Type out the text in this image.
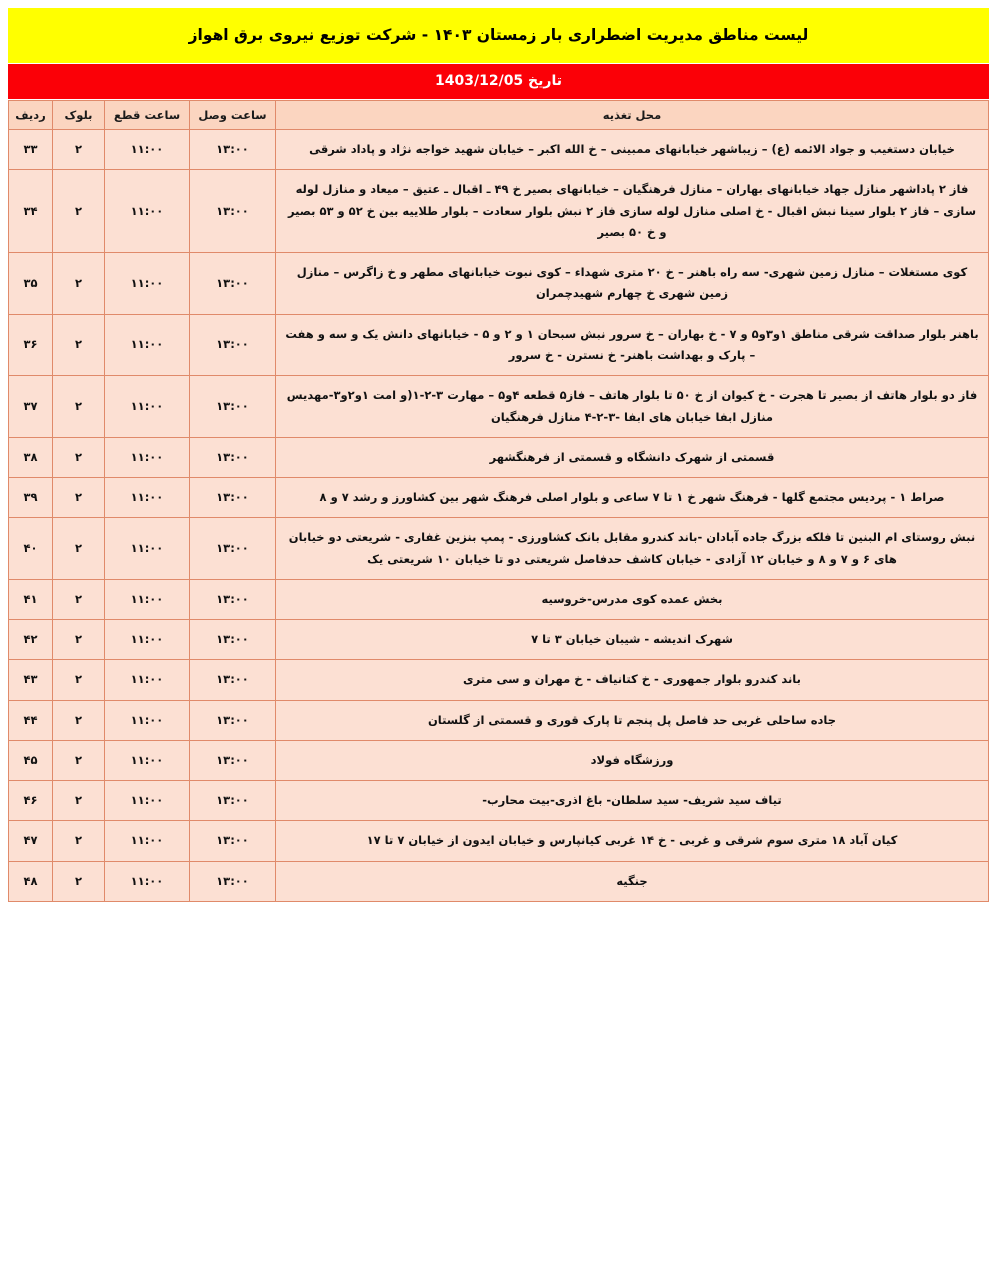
لیست مناطق مدیریت اضطراری بار زمستان ۱۴۰۳ - شرکت توزیع نیروی برق اهواز
تاریخ 1403/12/05
محل تغذیه	ساعت وصل	ساعت قطع	بلوک	ردیف
خیابان دستغیب و جواد الائمه (ع) – زیباشهر خیابانهای ممبینی – خ الله اکبر – خیابان شهید خواجه نژاد و پاداد شرقی	۱۳:۰۰	۱۱:۰۰	۲	۳۳
فاز ۲ پاداشهر منازل جهاد خیابانهای بهاران – منازل فرهنگیان – خیابانهای بصیر خ ۴۹ ـ اقبال ـ عتیق – میعاد و منازل لوله سازی – فاز ۲ بلوار سینا نبش اقبال - خ اصلی منازل لوله سازی فاز ۲ نبش بلوار سعادت – بلوار طلاییه بین خ ۵۲ و ۵۳ بصیر و خ ۵۰ بصیر	۱۳:۰۰	۱۱:۰۰	۲	۳۴
کوی مستغلات – منازل زمین شهری- سه راه باهنر – خ ۲۰ متری شهداء – کوی نبوت خیابانهای مطهر و خ زاگرس – منازل زمین شهری خ چهارم شهیدچمران	۱۳:۰۰	۱۱:۰۰	۲	۳۵
باهنر بلوار صداقت شرقی مناطق ۱و۳و۵ و ۷ - خ بهاران – خ سرور نبش سبحان ۱ و ۲ و ۵ - خیابانهای دانش یک و سه و هفت – پارک و بهداشت باهنر- خ نسترن - خ سرور	۱۳:۰۰	۱۱:۰۰	۲	۳۶
فاز دو بلوار هاتف از بصیر تا هجرت - خ کیوان از خ ۵۰ تا بلوار هاتف – فاز۵ قطعه ۴و۵ – مهارت ۳-۲-۱(و امت ۱و۲و۳-مهدیس منازل ابفا خیابان های ابفا -۳-۲-۴ منازل فرهنگیان	۱۳:۰۰	۱۱:۰۰	۲	۳۷
قسمتی از شهرک دانشگاه و قسمتی از فرهنگشهر	۱۳:۰۰	۱۱:۰۰	۲	۳۸
صراط ۱ - پردیس مجتمع گلها - فرهنگ شهر خ ۱ تا ۷ ساعی و بلوار اصلی فرهنگ شهر بین کشاورز و رشد ۷ و ۸	۱۳:۰۰	۱۱:۰۰	۲	۳۹
نبش روستای ام البنین تا فلکه بزرگ جاده آبادان -باند کندرو مقابل بانک کشاورزی - پمپ بنزین غفاری - شریعتی دو خیابان های ۶ و ۷ و ۸ و خیابان ۱۲ آزادی - خیابان کاشف حدفاصل شریعتی دو تا خیابان ۱۰ شریعتی یک	۱۳:۰۰	۱۱:۰۰	۲	۴۰
بخش عمده کوی مدرس-خروسیه	۱۳:۰۰	۱۱:۰۰	۲	۴۱
شهرک اندیشه - شیبان خیابان ۳ تا ۷	۱۳:۰۰	۱۱:۰۰	۲	۴۲
باند کندرو بلوار جمهوری - خ کتانیاف - خ مهران و سی متری	۱۳:۰۰	۱۱:۰۰	۲	۴۳
جاده ساحلی غربی حد فاصل پل پنجم تا پارک قوری و قسمتی از گلستان	۱۳:۰۰	۱۱:۰۰	۲	۴۴
ورزشگاه فولاد	۱۳:۰۰	۱۱:۰۰	۲	۴۵
تیاف سید شریف- سید سلطان- باغ اذری-بیت محارب-	۱۳:۰۰	۱۱:۰۰	۲	۴۶
کیان آباد ۱۸ متری سوم شرقی و غربی - خ ۱۴ غربی کیانپارس و خیابان ایدون از خیابان ۷ تا ۱۷	۱۳:۰۰	۱۱:۰۰	۲	۴۷
جنگیه	۱۳:۰۰	۱۱:۰۰	۲	۴۸
